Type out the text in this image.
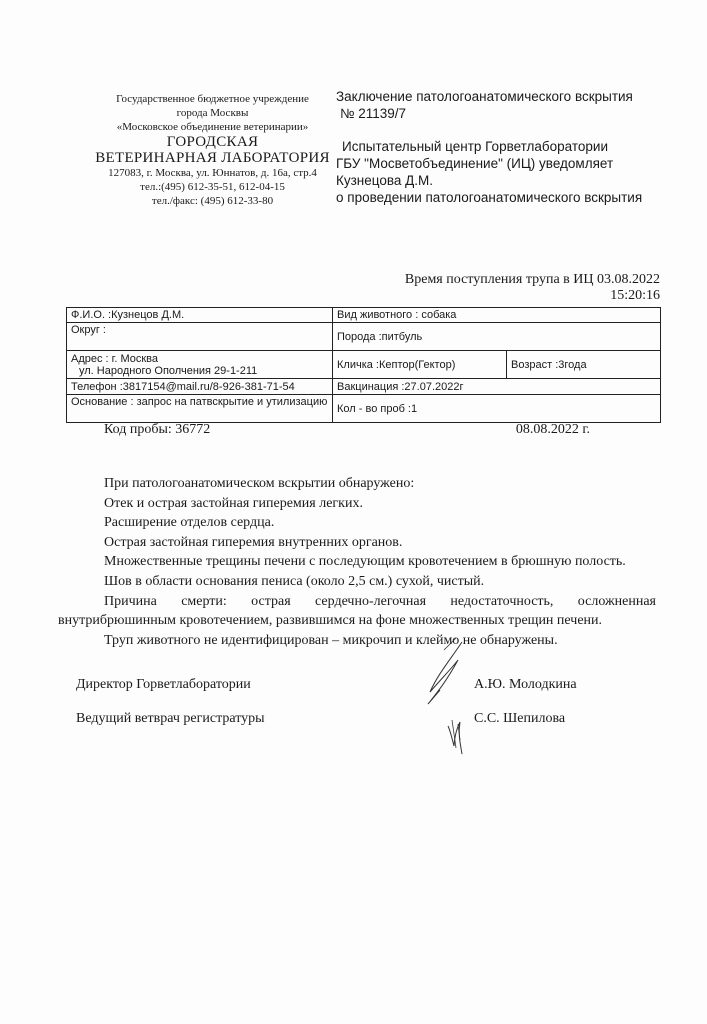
Государственное бюджетное учреждение
города Москвы
«Московское объединение ветеринарии»
ГОРОДСКАЯ
ВЕТЕРИНАРНАЯ ЛАБОРАТОРИЯ
127083, г. Москва, ул. Юннатов, д. 16а, стр.4
тел.:(495) 612-35-51, 612-04-15
тел./факс: (495) 612-33-80
Заключение патологоанатомического вскрытия
№ 21139/7
Испытательный центр Горветлаборатории
ГБУ "Мосветобъединение" (ИЦ) уведомляет
Кузнецова Д.М.
о проведении патологоанатомического вскрытия
Время поступления трупа в ИЦ 03.08.2022
15:20:16
Ф.И.О. :Кузнецов Д.М.	Вид животного : собака	
Округ :	Порода :питбуль	

Адрес : г. Москва
ул. Народного Ополчения 29-1-211	Кличка :Кептор(Гектор)	Возраст :3года
Телефон :3817154@mail.ru/8-926-381-71-54	Вакцинация :27.07.2022г	
Основание : запрос на патвскрытие и утилизацию	Кол - во проб :1	
Код пробы: 36772	08.08.2022 г.

При патологоанатомическом вскрытии обнаружено:

Отек и острая застойная гиперемия легких.

Расширение отделов сердца.

Острая застойная гиперемия внутренних органов.

Множественные трещины печени с последующим кровотечением в брюшную полость.

Шов в области основания пениса (около 2,5 см.) сухой, чистый.

Причина    смерти:    острая    сердечно-легочная    недостаточность,    осложненная

внутрибрюшинным кровотечением, развившимся на фоне множественных трещин печени.

Труп животного не идентифицирован – микрочип и клеймо не обнаружены.

Директор Горветлаборатории	А.Ю. Молодкина
Ведущий ветврач регистратуры	С.С. Шепилова
